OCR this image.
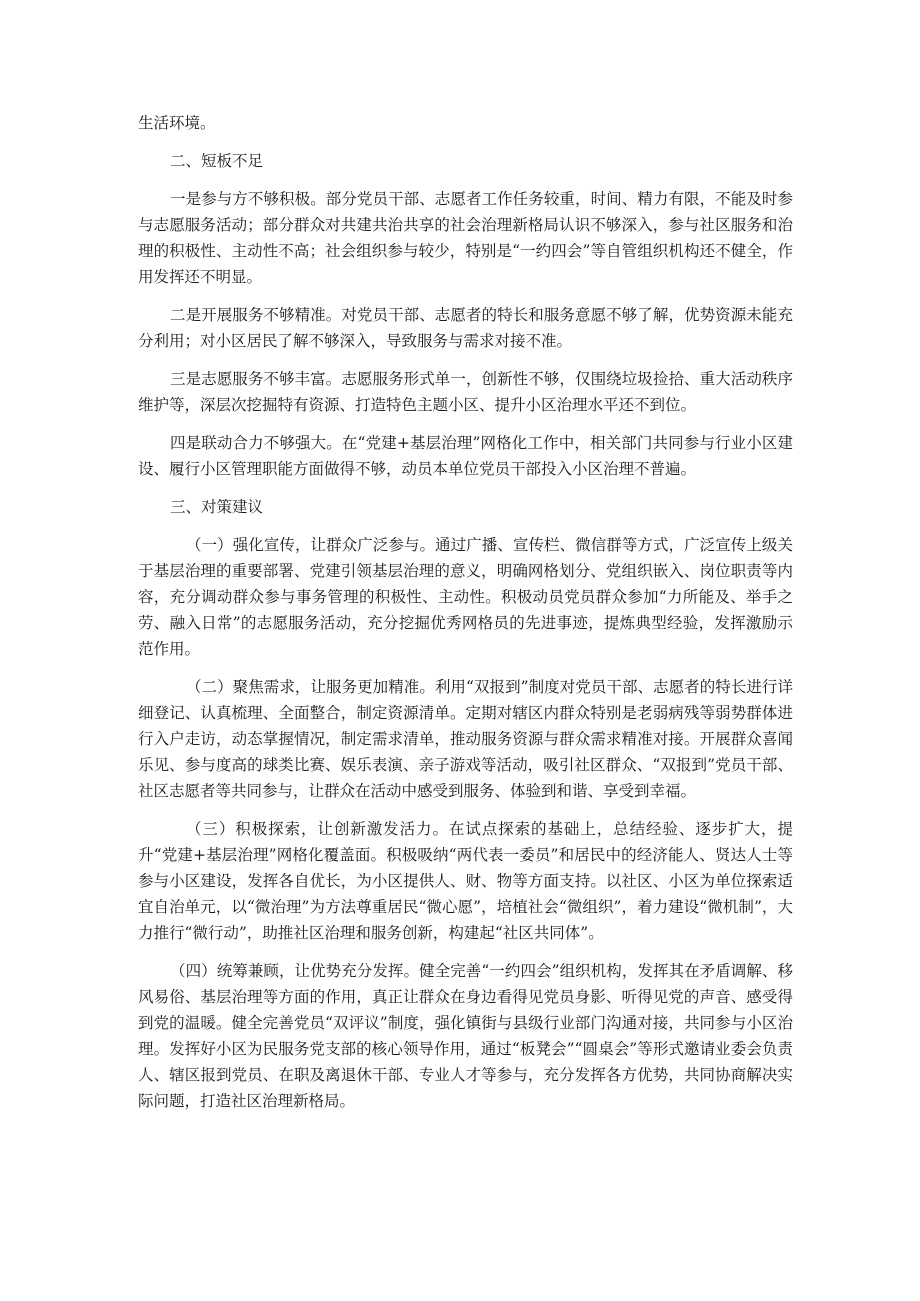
生活环境。

二、短板不足

一是参与方不够积极。部分党员干部、志愿者工作任务较重，时间、精力有限，不能及时参与志愿服务活动；部分群众对共建共治共享的社会治理新格局认识不够深入，参与社区服务和治理的积极性、主动性不高；社会组织参与较少，特别是“一约四会”等自管组织机构还不健全，作用发挥还不明显。

二是开展服务不够精准。对党员干部、志愿者的特长和服务意愿不够了解，优势资源未能充分利用；对小区居民了解不够深入，导致服务与需求对接不准。

三是志愿服务不够丰富。志愿服务形式单一，创新性不够，仅围绕垃圾捡拾、重大活动秩序维护等，深层次挖掘特有资源、打造特色主题小区、提升小区治理水平还不到位。

四是联动合力不够强大。在“党建+基层治理”网格化工作中，相关部门共同参与行业小区建设、履行小区管理职能方面做得不够，动员本单位党员干部投入小区治理不普遍。

三、对策建议

（一）强化宣传，让群众广泛参与。通过广播、宣传栏、微信群等方式，广泛宣传上级关于基层治理的重要部署、党建引领基层治理的意义，明确网格划分、党组织嵌入、岗位职责等内容，充分调动群众参与事务管理的积极性、主动性。积极动员党员群众参加“力所能及、举手之劳、融入日常”的志愿服务活动，充分挖掘优秀网格员的先进事迹，提炼典型经验，发挥激励示范作用。

（二）聚焦需求，让服务更加精准。利用“双报到”制度对党员干部、志愿者的特长进行详细登记、认真梳理、全面整合，制定资源清单。定期对辖区内群众特别是老弱病残等弱势群体进行入户走访，动态掌握情况，制定需求清单，推动服务资源与群众需求精准对接。开展群众喜闻乐见、参与度高的球类比赛、娱乐表演、亲子游戏等活动，吸引社区群众、“双报到”党员干部、社区志愿者等共同参与，让群众在活动中感受到服务、体验到和谐、享受到幸福。

（三）积极探索，让创新激发活力。在试点探索的基础上，总结经验、逐步扩大，提升“党建+基层治理”网格化覆盖面。积极吸纳“两代表一委员”和居民中的经济能人、贤达人士等参与小区建设，发挥各自优长，为小区提供人、财、物等方面支持。以社区、小区为单位探索适宜自治单元，以“微治理”为方法尊重居民“微心愿”，培植社会“微组织”，着力建设“微机制”，大力推行“微行动”，助推社区治理和服务创新，构建起“社区共同体”。

（四）统筹兼顾，让优势充分发挥。健全完善“一约四会”组织机构，发挥其在矛盾调解、移风易俗、基层治理等方面的作用，真正让群众在身边看得见党员身影、听得见党的声音、感受得到党的温暖。健全完善党员“双评议”制度，强化镇街与县级行业部门沟通对接，共同参与小区治理。发挥好小区为民服务党支部的核心领导作用，通过“板凳会”“圆桌会”等形式邀请业委会负责人、辖区报到党员、在职及离退休干部、专业人才等参与，充分发挥各方优势，共同协商解决实际问题，打造社区治理新格局。
